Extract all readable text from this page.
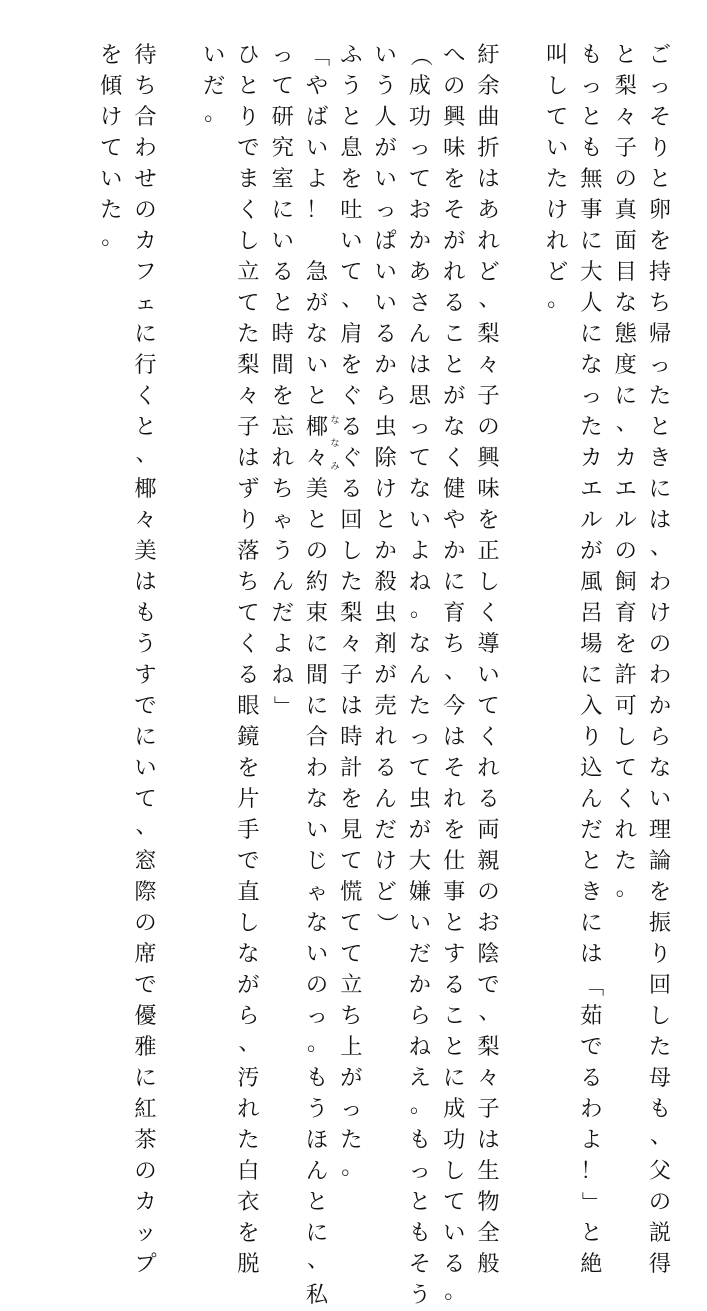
ご
っ
そ
り
と
卵
を
持
ち
帰
っ
た
と
き
に
は
、
わ
け
の
わ
か
ら
な
い
理
論
を
振
り
回
し
た
母
も
、
父
の
説
得
と
梨
々
子
の
真
面
目
な
態
度
に
、
カ
エ
ル
の
飼
育
を
許
可
し
て
く
れ
た
。
も
っ
と
も
無
事
に
大
人
に
な
っ
た
カ
エ
ル
が
風
呂
場
に
入
り
込
ん
だ
と
き
に
は
「
茹
で
る
わ
よ
！
」
と
絶
叫
し
て
い
た
け
れ
ど
。
紆
余
曲
折
は
あ
れ
ど
、
梨
々
子
の
興
味
を
正
し
く
導
い
て
く
れ
る
両
親
の
お
陰
で
、
梨
々
子
は
生
物
全
般
へ
の
興
味
を
そ
が
れ
る
こ
と
が
な
く
健
や
か
に
育
ち
、
今
は
そ
れ
を
仕
事
と
す
る
こ
と
に
成
功
し
て
い
る
。
（
成
功
っ
て
お
か
あ
さ
ん
は
思
っ
て
な
い
よ
ね
。
な
ん
た
っ
て
虫
が
大
嫌
い
だ
か
ら
ね
え
。
も
っ
と
も
そ
う
い
う
人
が
い
っ
ぱ
い
い
る
か
ら
虫
除
け
と
か
殺
虫
剤
が
売
れ
る
ん
だ
け
ど
）
ふ
う
と
息
を
吐
い
て
、
肩
を
ぐ
る
ぐ
る
回
し
た
梨
々
子
は
時
計
を
見
て
慌
て
て
立
ち
上
が
っ
た
。
「
や
ば
い
よ
！

急
が
な
い
と
椰
々
美
と
の
約
束
に
間
に
合
わ
な
い
じ
ゃ
な
い
の
っ
。
も
う
ほ
ん
と
に
、
私
な
な
み
っ
て
研
究
室
に
い
る
と
時
間
を
忘
れ
ち
ゃ
う
ん
だ
よ
ね
」
ひ
と
り
で
ま
く
し
立
て
た
梨
々
子
は
ず
り
落
ち
て
く
る
眼
鏡
を
片
手
で
直
し
な
が
ら
、
汚
れ
た
白
衣
を
脱
い
だ
。
待
ち
合
わ
せ
の
カ
フ
ェ
に
行
く
と
、
椰
々
美
は
も
う
す
で
に
い
て
、
窓
際
の
席
で
優
雅
に
紅
茶
の
カ
ッ
プ
を
傾
け
て
い
た
。
